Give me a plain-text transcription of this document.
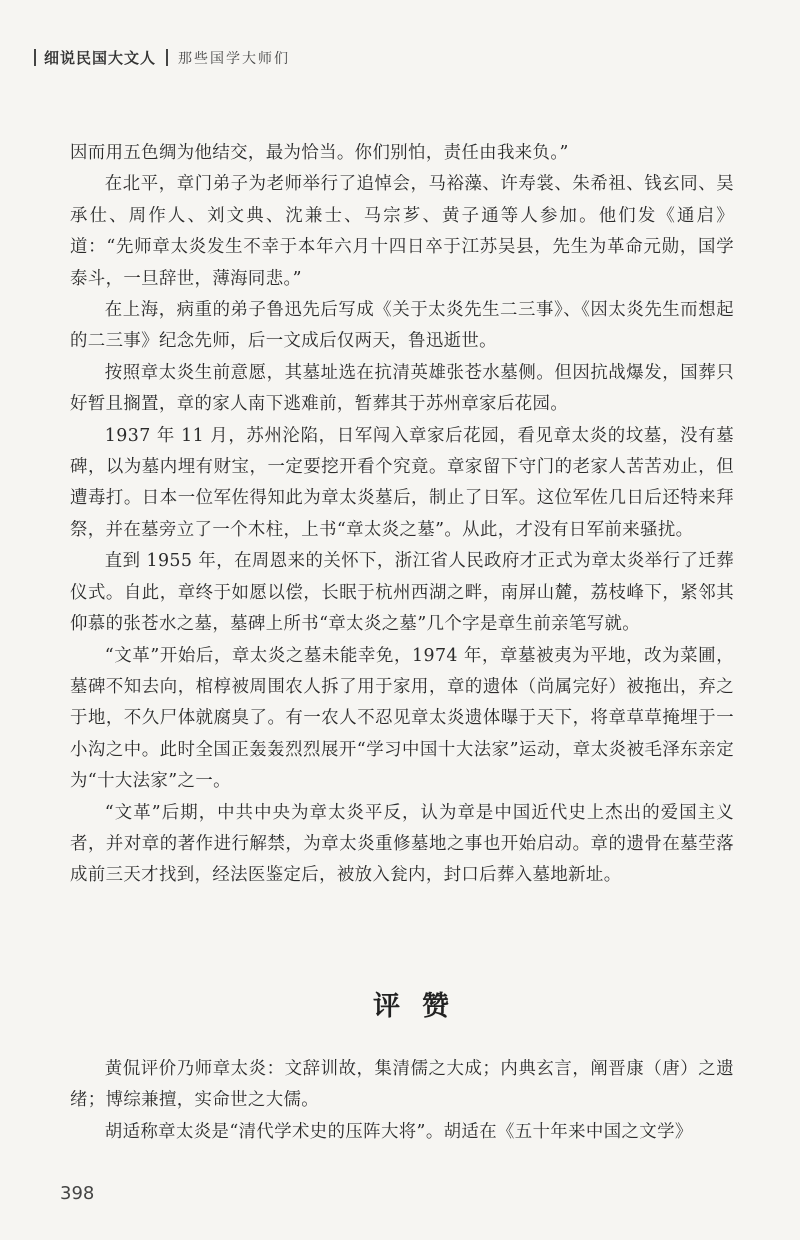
细说民国大文人 那些国学大师们

因而用五色绸为他结交，最为恰当。你们别怕，责任由我来负。”

在北平，章门弟子为老师举行了追悼会，马裕藻、许寿裳、朱希祖、钱玄同、吴承仕、周作人、刘文典、沈兼士、马宗芗、黄子通等人参加。他们发《通启》道：“先师章太炎发生不幸于本年六月十四日卒于江苏吴县，先生为革命元勋，国学泰斗，一旦辞世，薄海同悲。”

在上海，病重的弟子鲁迅先后写成《关于太炎先生二三事》、《因太炎先生而想起的二三事》纪念先师，后一文成后仅两天，鲁迅逝世。

按照章太炎生前意愿，其墓址选在抗清英雄张苍水墓侧。但因抗战爆发，国葬只好暂且搁置，章的家人南下逃难前，暂葬其于苏州章家后花园。

1937 年 11 月，苏州沦陷，日军闯入章家后花园，看见章太炎的坟墓，没有墓碑，以为墓内埋有财宝，一定要挖开看个究竟。章家留下守门的老家人苦苦劝止，但遭毒打。日本一位军佐得知此为章太炎墓后，制止了日军。这位军佐几日后还特来拜祭，并在墓旁立了一个木柱，上书“章太炎之墓”。从此，才没有日军前来骚扰。

直到 1955 年，在周恩来的关怀下，浙江省人民政府才正式为章太炎举行了迁葬仪式。自此，章终于如愿以偿，长眠于杭州西湖之畔，南屏山麓，荔枝峰下，紧邻其仰慕的张苍水之墓，墓碑上所书“章太炎之墓”几个字是章生前亲笔写就。

“文革”开始后，章太炎之墓未能幸免，1974 年，章墓被夷为平地，改为菜圃，墓碑不知去向，棺椁被周围农人拆了用于家用，章的遗体（尚属完好）被拖出，弃之于地，不久尸体就腐臭了。有一农人不忍见章太炎遗体曝于天下，将章草草掩埋于一小沟之中。此时全国正轰轰烈烈展开“学习中国十大法家”运动，章太炎被毛泽东亲定为“十大法家”之一。

“文革”后期，中共中央为章太炎平反，认为章是中国近代史上杰出的爱国主义者，并对章的著作进行解禁，为章太炎重修墓地之事也开始启动。章的遗骨在墓茔落成前三天才找到，经法医鉴定后，被放入瓮内，封口后葬入墓地新址。

评赞

黄侃评价乃师章太炎：文辞训故，集清儒之大成；内典玄言，阐晋康（唐）之遗绪；博综兼擅，实命世之大儒。

胡适称章太炎是“清代学术史的压阵大将”。胡适在《五十年来中国之文学》

398
